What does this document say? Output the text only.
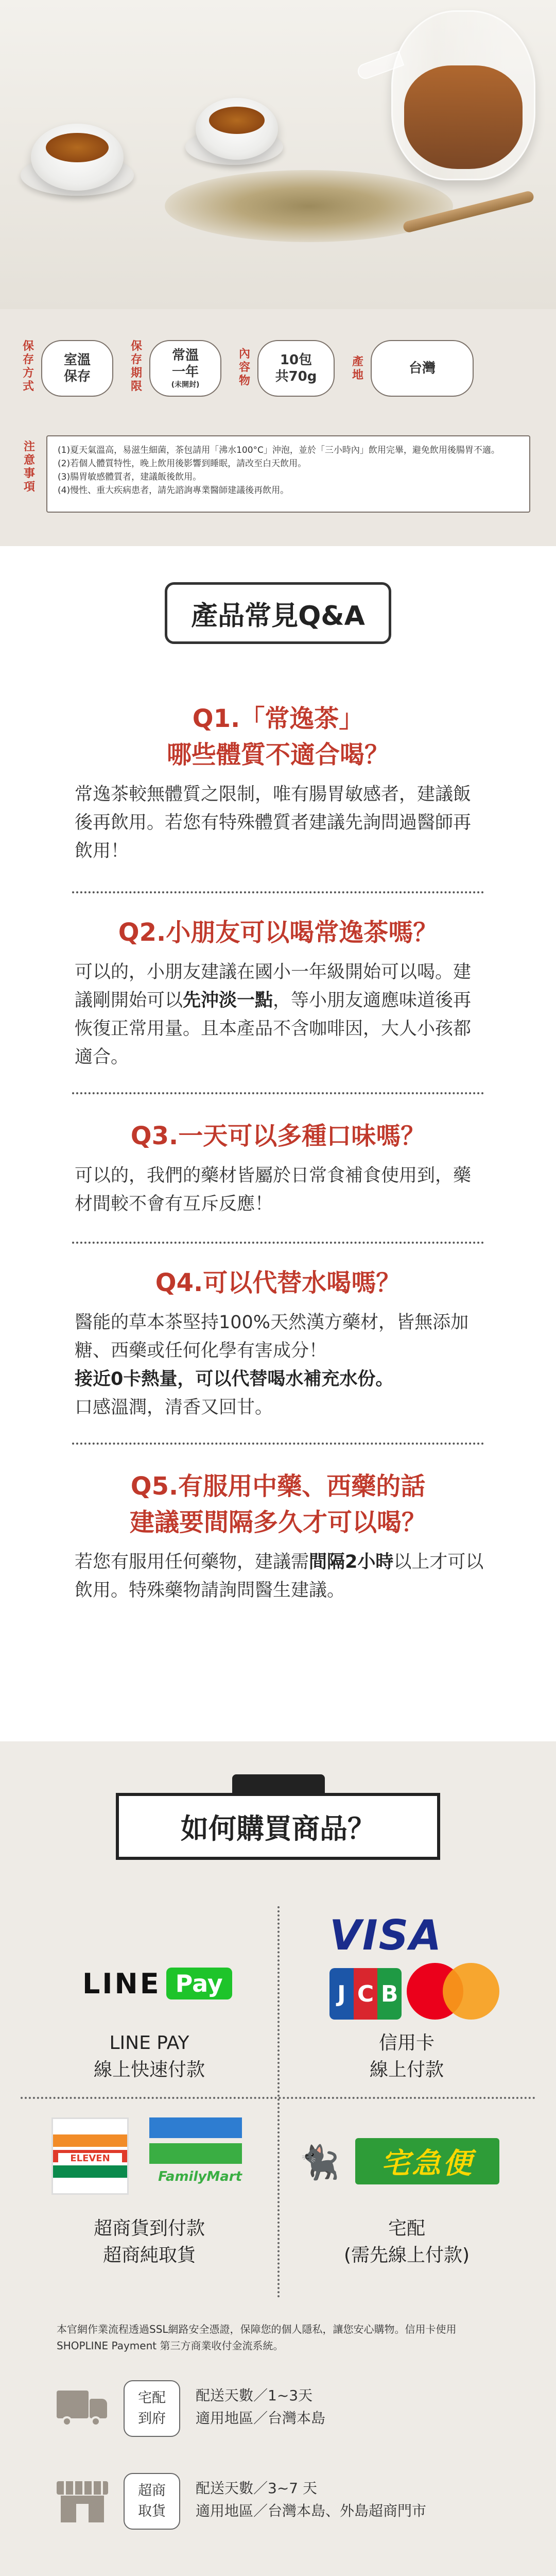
保
存
方
式
室溫
保存
保
存
期
限
常溫
一年
(未開封)
內
容
物
10包
共70g
產
地	台灣
注
意
事
項
(1)夏天氣溫高，易滋生細菌，茶包請用「沸水100°C」沖泡，並於「三小時內」飲用完畢，避免飲用後腸胃不適。
(2)若個人體質特性，晚上飲用後影響到睡眠，請改至白天飲用。
(3)腸胃敏感體質者，建議飯後飲用。
(4)慢性、重大疾病患者，請先諮詢專業醫師建議後再飲用。
產品常見Q&A
Q1.「常逸茶」
哪些體質不適合喝？
常逸茶較無體質之限制，唯有腸胃敏感者，建議飯後再飲用。若您有特殊體質者建議先詢問過醫師再飲用！
Q2.小朋友可以喝常逸茶嗎？
可以的，小朋友建議在國小一年級開始可以喝。建議剛開始可以先沖淡一點，等小朋友適應味道後再恢復正常用量。且本產品不含咖啡因，大人小孩都適合。
Q3.一天可以多種口味嗎？
可以的，我們的藥材皆屬於日常食補食使用到，藥材間較不會有互斥反應！
Q4.可以代替水喝嗎？
醫能的草本茶堅持100%天然漢方藥材，皆無添加糖、西藥或任何化學有害成分！
接近0卡熱量，可以代替喝水補充水份。
口感溫潤，清香又回甘。
Q5.有服用中藥、西藥的話
建議要間隔多久才可以喝？
若您有服用任何藥物，建議需間隔2小時以上才可以飲用。特殊藥物請詢問醫生建議。
如何購買商品？
LINE Pay
LINE PAY
線上快速付款
VISA
J C B
信用卡
線上付款
ELEVEN
FamilyMart
超商貨到付款
超商純取貨
🐈‍⬛	宅急便
宅配
(需先線上付款)
本官網作業流程透過SSL網路安全憑證，保障您的個人隱私，讓您安心購物。信用卡使用SHOPLINE Payment 第三方商業收付金流系統。
宅配
到府
配送天數／1~3天
適用地區／台灣本島
超商
取貨
配送天數／3~7 天
適用地區／台灣本島、外島超商門市
